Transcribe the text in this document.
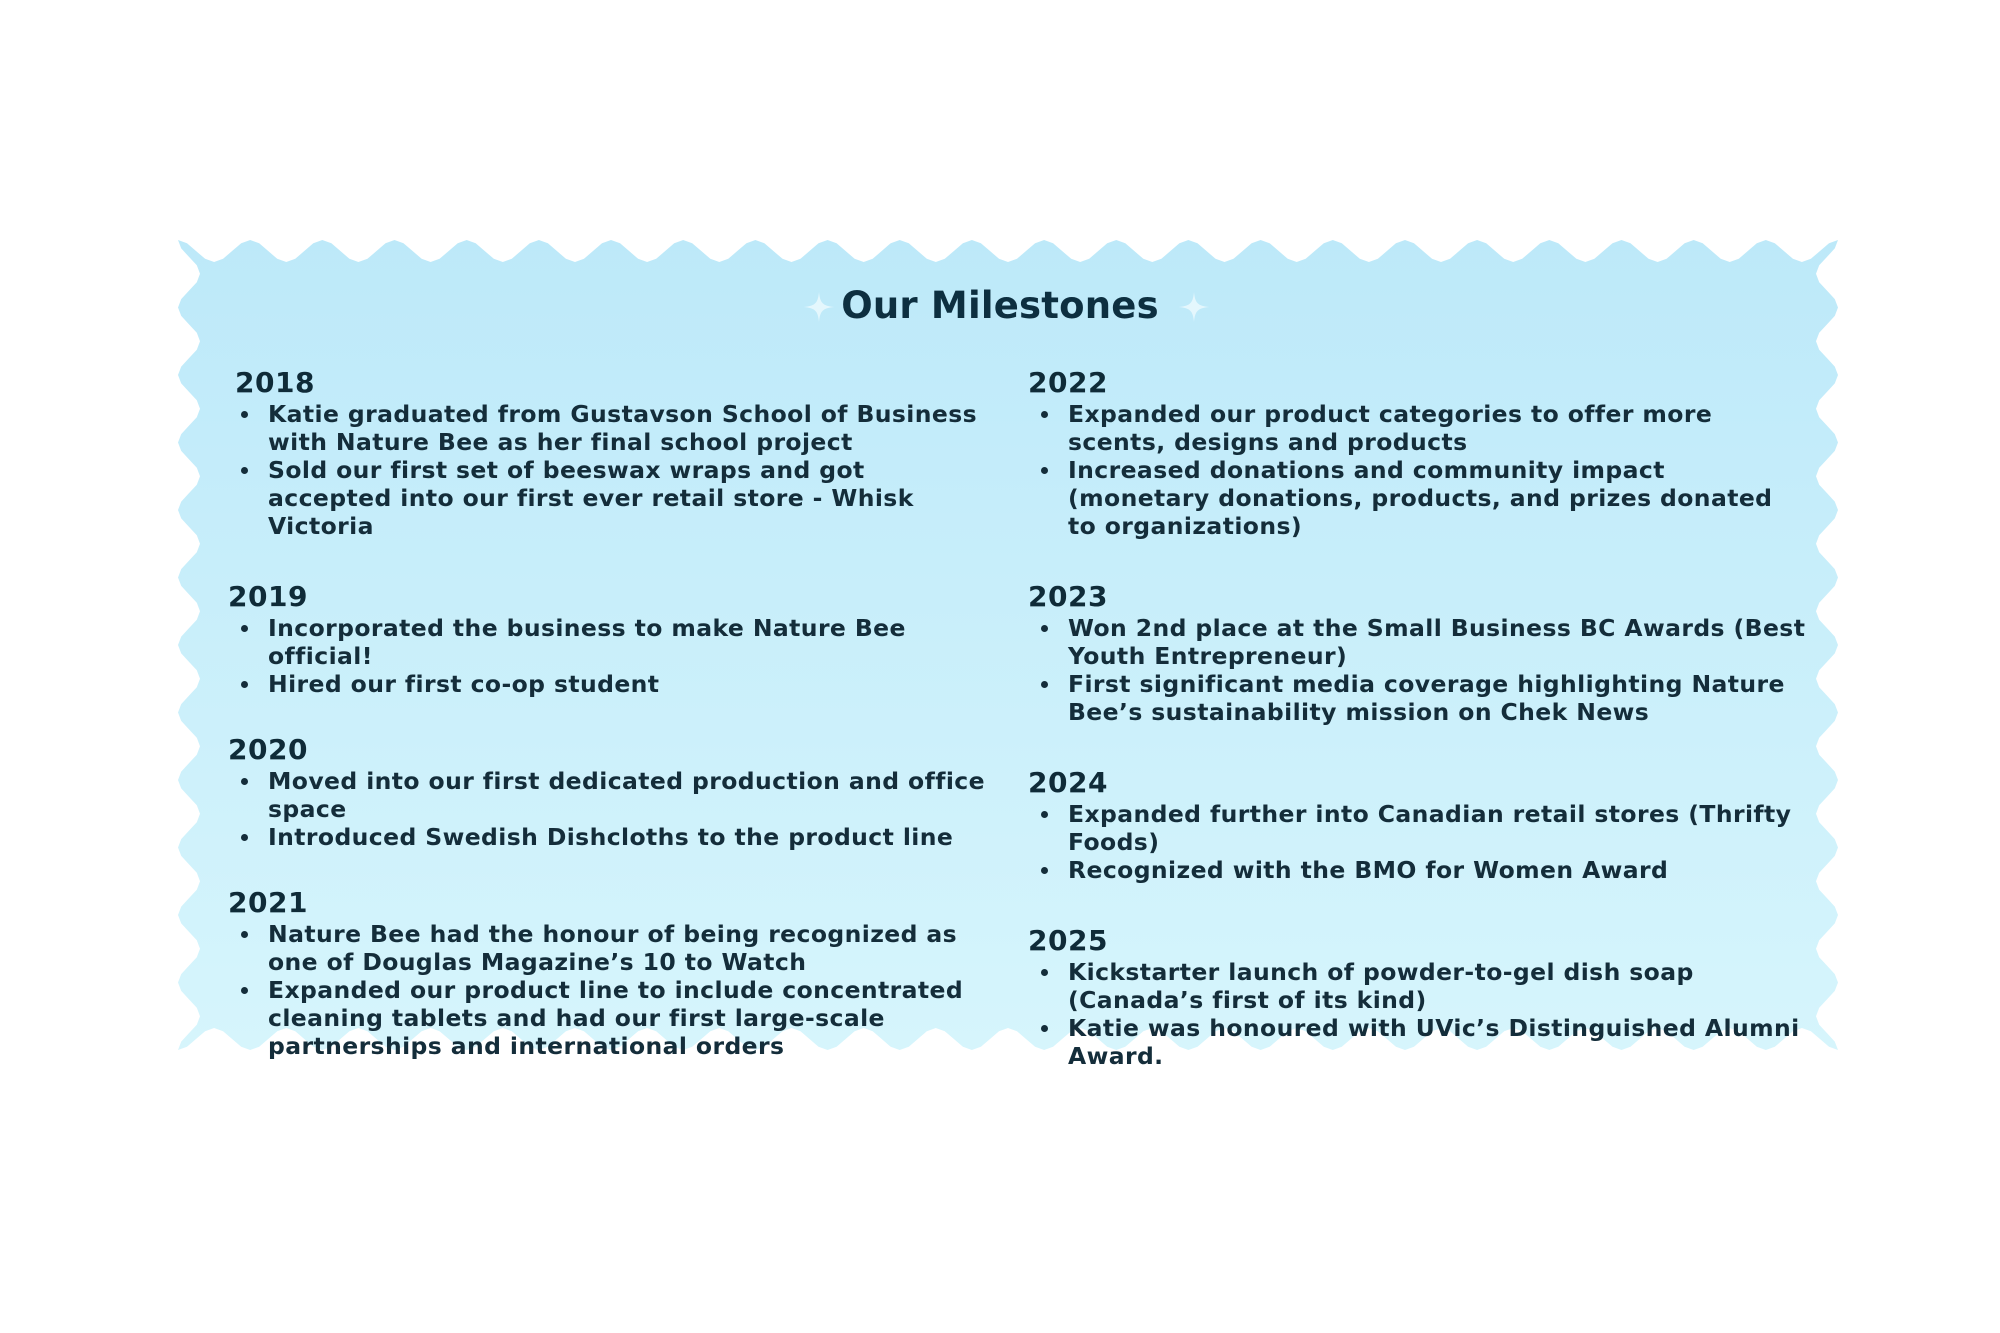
Our Milestones
2018
Katie graduated from Gustavson School of Business with Nature Bee as her final school project
Sold our first set of beeswax wraps and got accepted into our first ever retail store - Whisk Victoria
2019
Incorporated the business to make Nature Bee official!
Hired our first co-op student
2020
Moved into our first dedicated production and office space
Introduced Swedish Dishcloths to the product line
2021
Nature Bee had the honour of being recognized as one of Douglas Magazine’s 10 to Watch
Expanded our product line to include concentrated cleaning tablets and had our first large-scale partnerships and international orders
2022
Expanded our product categories to offer more scents, designs and products
Increased donations and community impact (monetary donations, products, and prizes donated to organizations)
2023
Won 2nd place at the Small Business BC Awards (Best Youth Entrepreneur)
First significant media coverage highlighting Nature Bee’s sustainability mission on Chek News
2024
Expanded further into Canadian retail stores (Thrifty Foods)
Recognized with the BMO for Women Award
2025
Kickstarter launch of powder-to-gel dish soap (Canada’s first of its kind)
Katie was honoured with UVic’s Distinguished Alumni Award.
